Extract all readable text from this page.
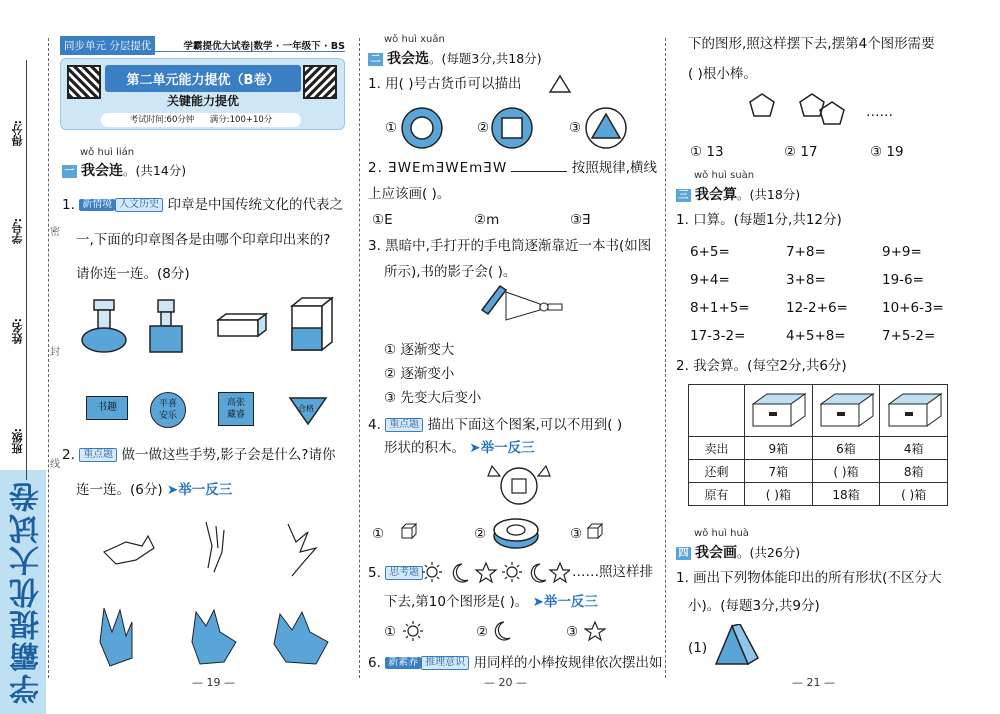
学霸提优大试卷
得分:
学号:
姓名:
班级:
密
封
线
同步单元 分层提优	学霸提优大试卷|数学 · 一年级下 · BS
第二单元能力提优（B卷）
关键能力提优
考试时间:60分钟 满分:100+10分
wǒ huì lián
一 我会连。(共14分)
1. 新情境 人文历史 印章是中国传统文化的代表之
一,下面的印章图各是由哪个印章印出来的?
请你连一连。(8分)
书趣	平喜安乐
高张藏睿
合格
2. 重点题 做一做这些手势,影子会是什么?请你
连一连。(6分) ➤举一反三
— 19 —
wǒ huì xuǎn
二 我会选。(每题3分,共18分)
1. 用( )号古货币可以描出
①	②	③
2. ƎWEmƎWEmƎW	按照规律,横线
上应该画( )。
①E	②m	③Ǝ
3. 黑暗中,手打开的手电筒逐渐靠近一本书(如图
所示),书的影子会( )。
① 逐渐变大
② 逐渐变小
③ 先变大后变小
4. 重点题 描出下面这个图案,可以不用到( )
形状的积木。 ➤举一反三
①	②	③
5. 思考题	……照这样排
下去,第10个图形是( )。 ➤举一反三
①	②	③
6. 新素养 推理意识 用同样的小棒按规律依次摆出如
— 20 —
下的图形,照这样摆下去,摆第4个图形需要
( )根小棒。
……
① 13	② 17	③ 19
wǒ huì suàn
三 我会算。(共18分)
1. 口算。(每题1分,共12分)
6+5=	7+8=	9+9=
9+4=	3+8=	19-6=
8+1+5=	12-2+6=	10+6-3=
17-3-2=	4+5+8=	7+5-2=
2. 我会算。(每空2分,共6分)

卖出	9箱	6箱	4箱
还剩	7箱	( )箱	8箱
原有	( )箱	18箱	( )箱
wǒ huì huà
四 我会画。(共26分)
1. 画出下列物体能印出的所有形状(不区分大
小)。(每题3分,共9分)
(1)
— 21 —
